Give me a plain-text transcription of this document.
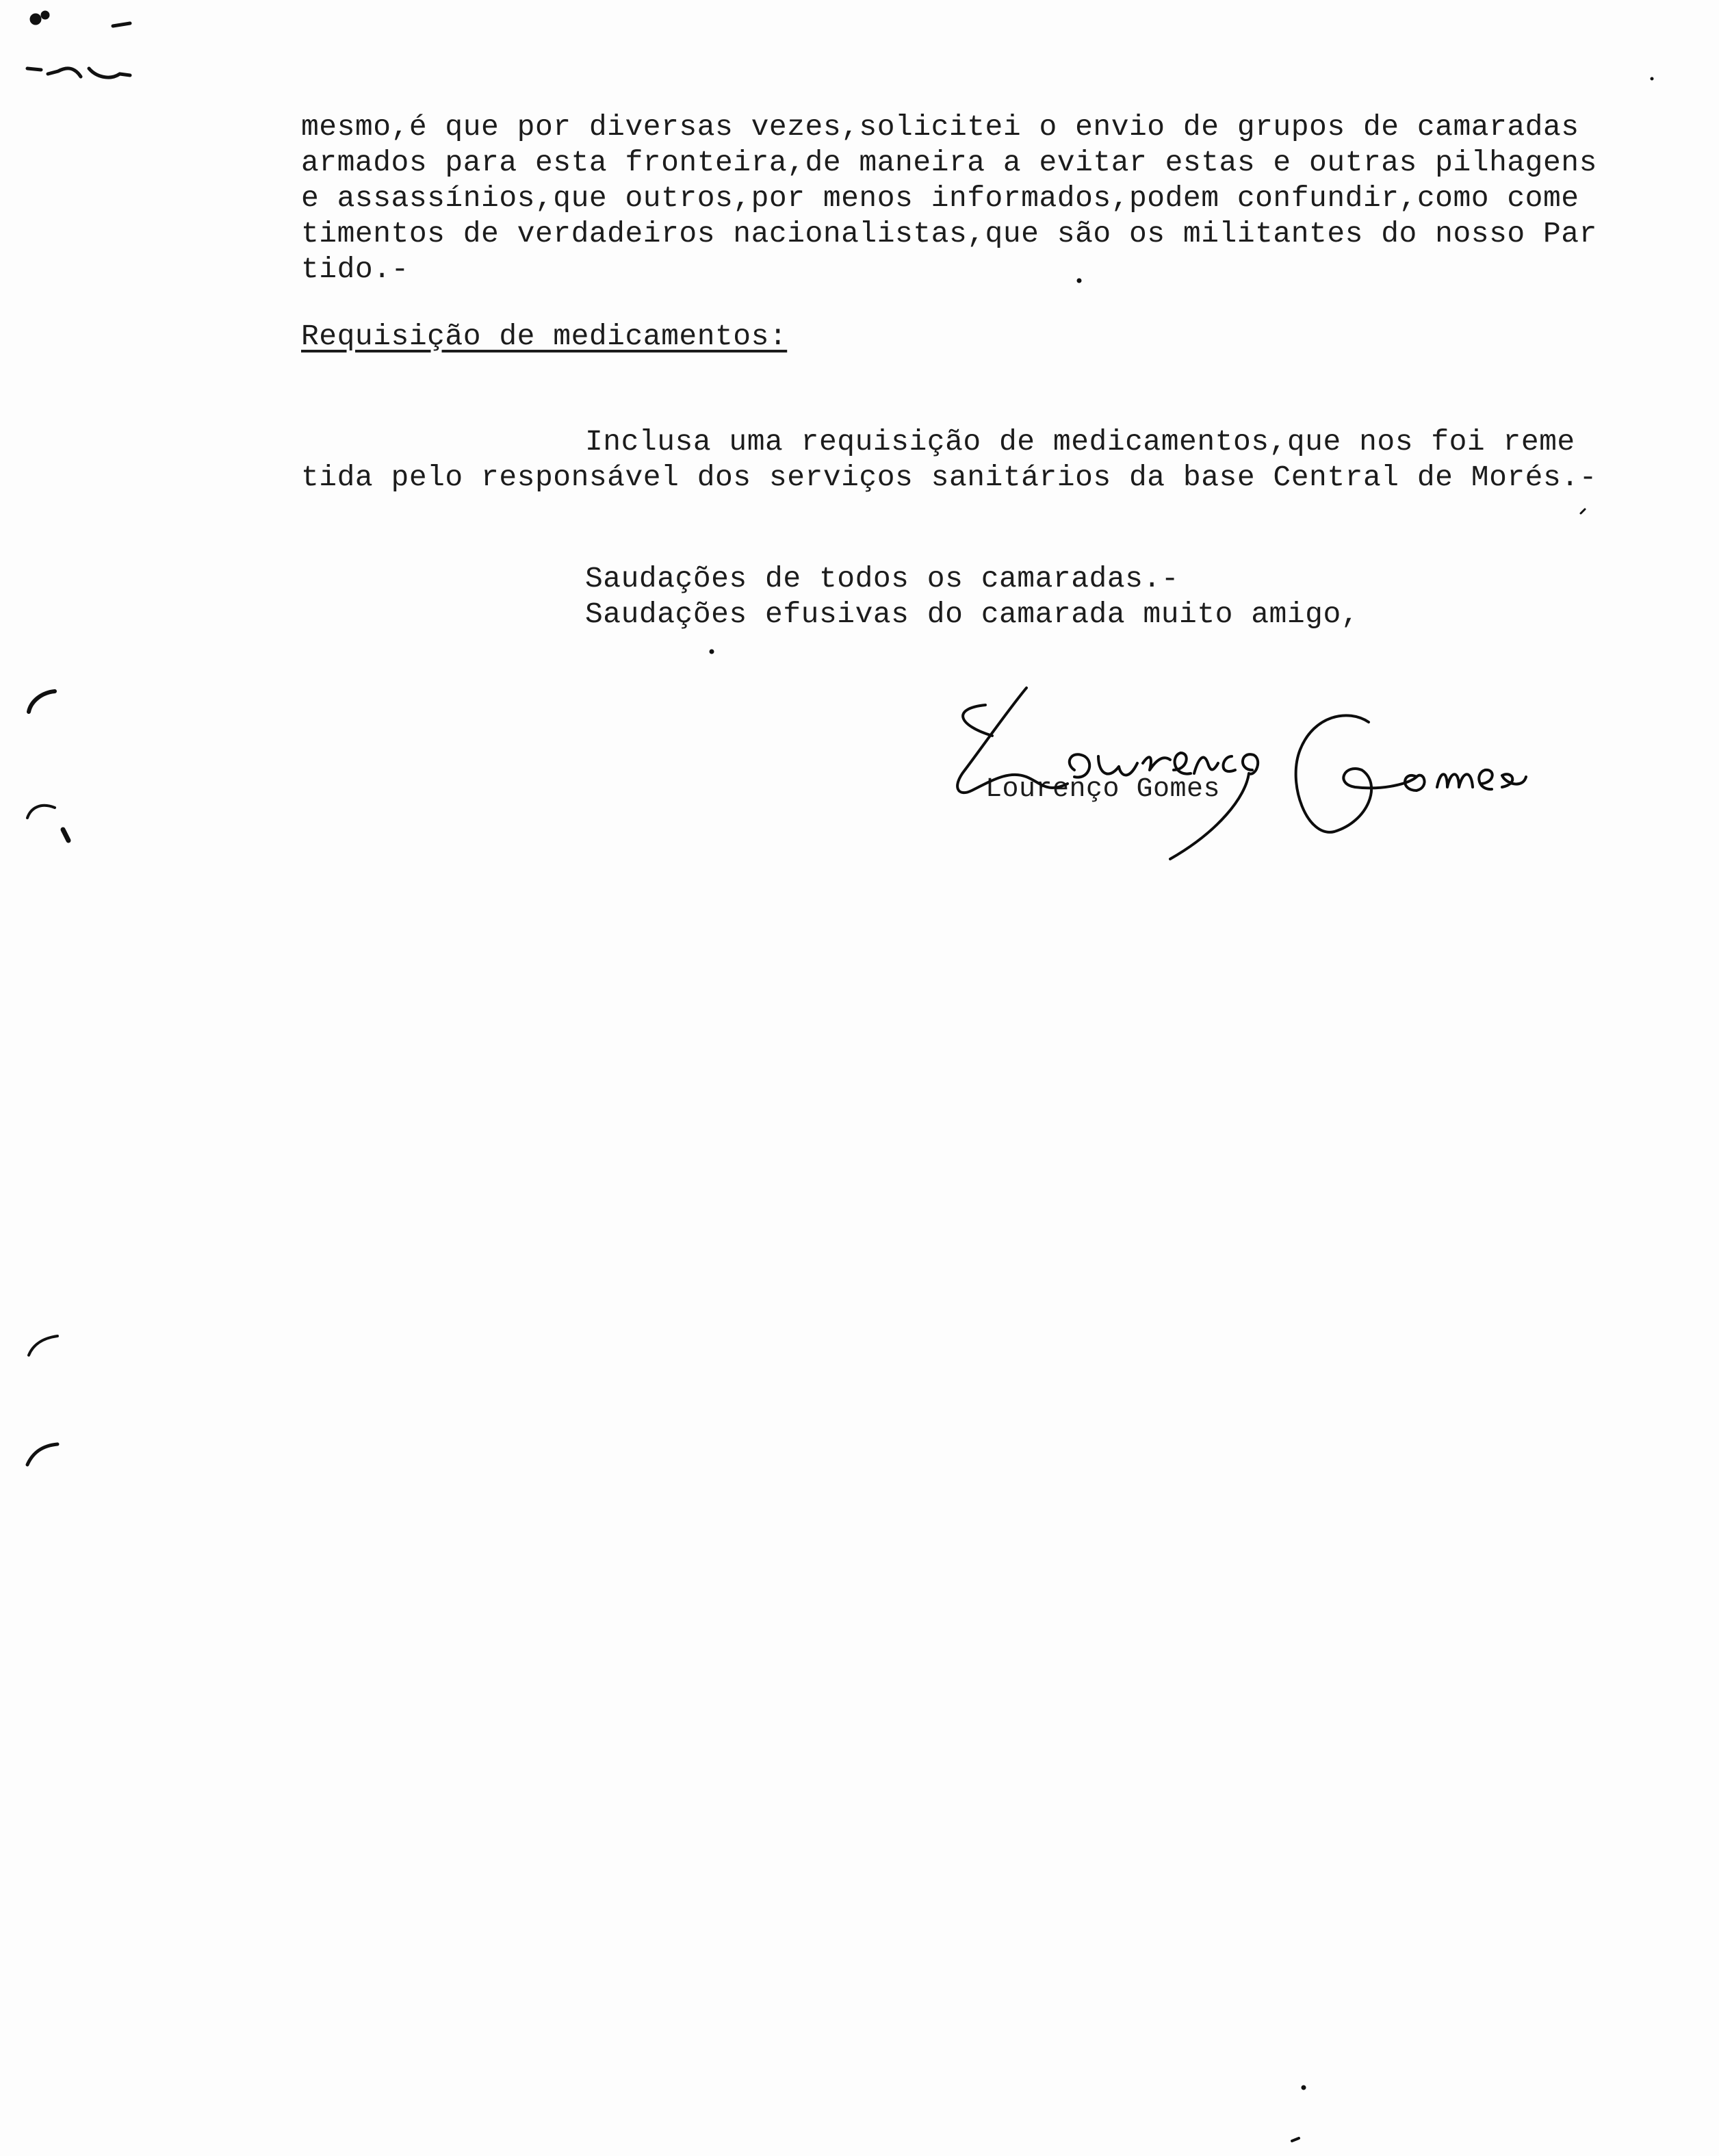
mesmo,é que por diversas vezes,solicitei o envio de grupos de camaradas
armados para esta fronteira,de maneira a evitar estas e outras pilhagens
e assassínios,que outros,por menos informados,podem confundir,como come
timentos de verdadeiros nacionalistas,que são os militantes do nosso Par
tido.-
Requisição de medicamentos:
Inclusa uma requisição de medicamentos,que nos foi reme
tida pelo responsável dos serviços sanitários da base Central de Morés.-
Saudações de todos os camaradas.-
Saudações efusivas do camarada muito amigo,
Lourenço Gomes
